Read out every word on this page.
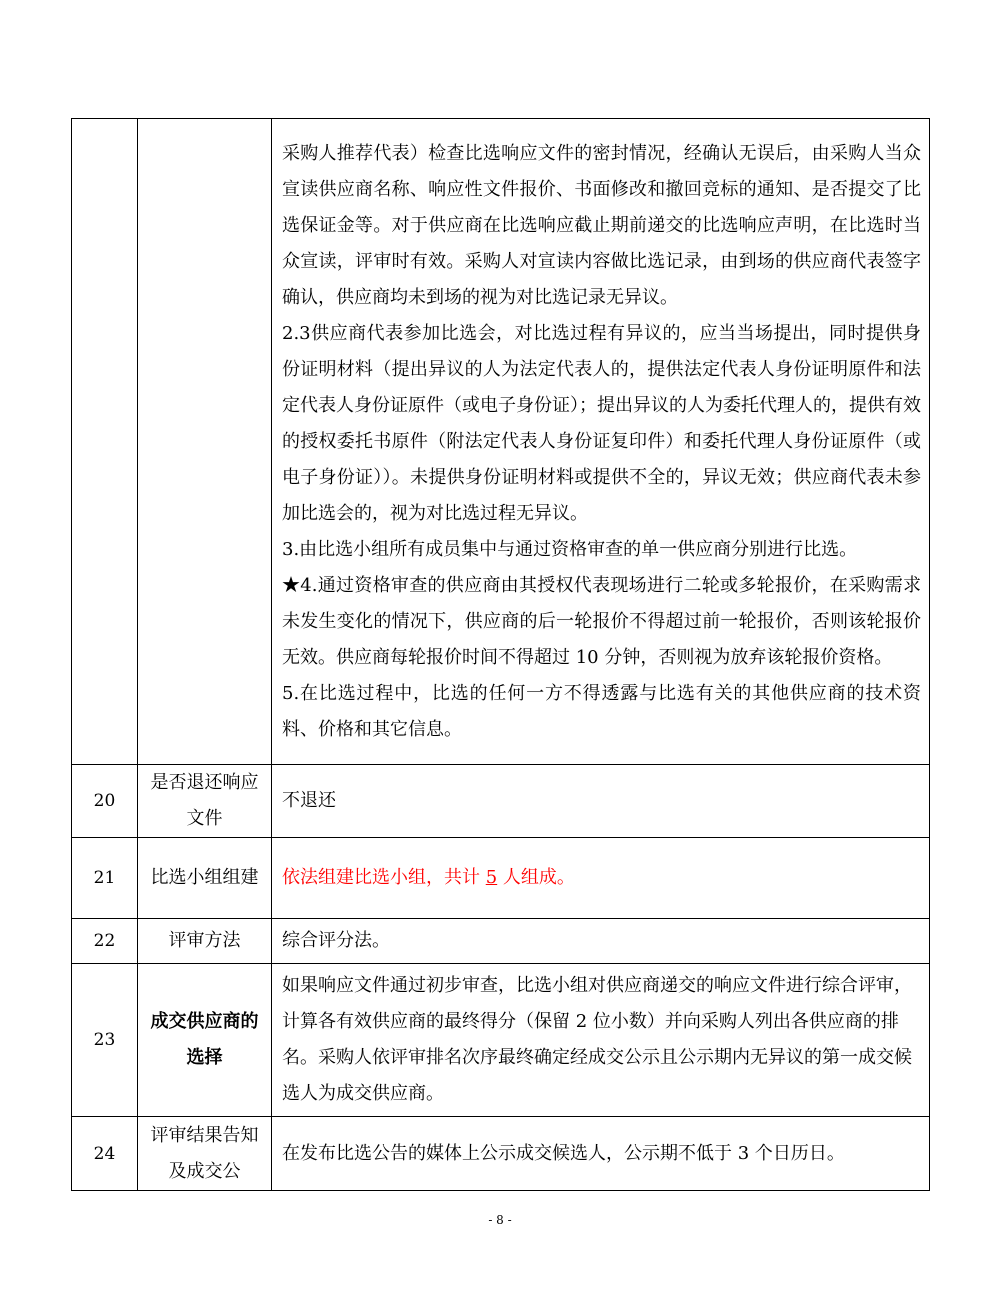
		采购人推荐代表）检查比选响应文件的密封情况，经确认无误后，由采购人当众宣读供应商名称、响应性文件报价、书面修改和撤回竞标的通知、是否提交了比选保证金等。对于供应商在比选响应截止期前递交的比选响应声明，在比选时当众宣读，评审时有效。采购人对宣读内容做比选记录，由到场的供应商代表签字确认，供应商均未到场的视为对比选记录无异议。

2.3供应商代表参加比选会，对比选过程有异议的，应当当场提出，同时提供身份证明材料（提出异议的人为法定代表人的，提供法定代表人身份证明原件和法定代表人身份证原件（或电子身份证）；提出异议的人为委托代理人的，提供有效的授权委托书原件（附法定代表人身份证复印件）和委托代理人身份证原件（或电子身份证））。未提供身份证明材料或提供不全的，异议无效；供应商代表未参加比选会的，视为对比选过程无异议。

3.由比选小组所有成员集中与通过资格审查的单一供应商分别进行比选。

★4.通过资格审查的供应商由其授权代表现场进行二轮或多轮报价，在采购需求未发生变化的情况下，供应商的后一轮报价不得超过前一轮报价，否则该轮报价无效。供应商每轮报价时间不得超过 10 分钟，否则视为放弃该轮报价资格。

5.在比选过程中，比选的任何一方不得透露与比选有关的其他供应商的技术资料、价格和其它信息。

20	是否退还响应文件	不退还
21	比选小组组建	依法组建比选小组，共计 5 人组成。
22	评审方法	综合评分法。
23	成交供应商的选择	如果响应文件通过初步审查，比选小组对供应商递交的响应文件进行综合评审，计算各有效供应商的最终得分（保留 2 位小数）并向采购人列出各供应商的排名。采购人依评审排名次序最终确定经成交公示且公示期内无异议的第一成交候选人为成交供应商。
24	评审结果告知及成交公	在发布比选公告的媒体上公示成交候选人，公示期不低于 3 个日历日。
- 8 -
